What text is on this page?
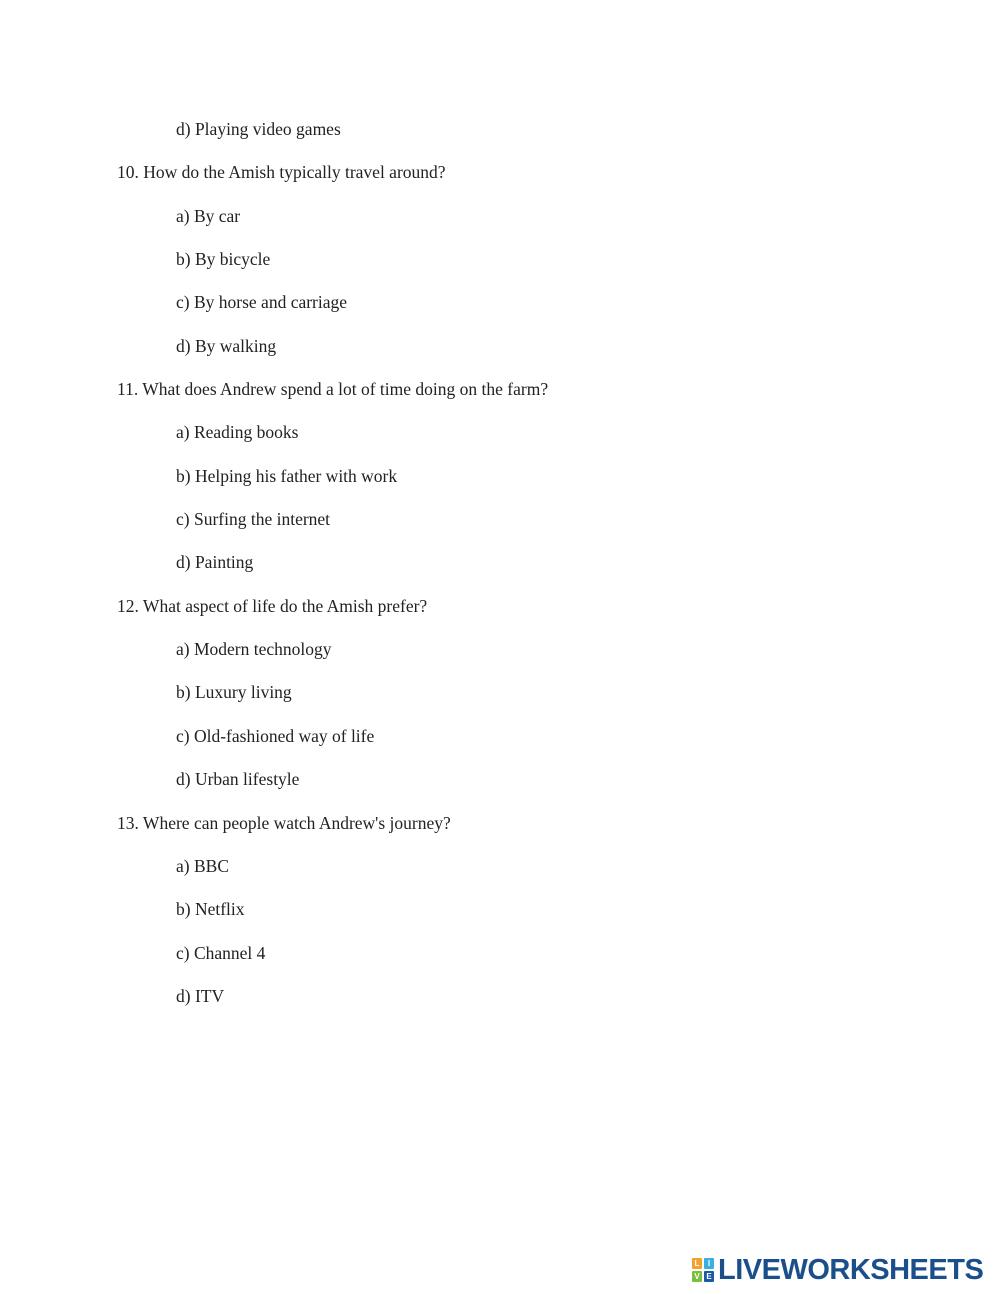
d) Playing video games
10. How do the Amish typically travel around?
a) By car
b) By bicycle
c) By horse and carriage
d) By walking
11. What does Andrew spend a lot of time doing on the farm?
a) Reading books
b) Helping his father with work
c) Surfing the internet
d) Painting
12. What aspect of life do the Amish prefer?
a) Modern technology
b) Luxury living
c) Old-fashioned way of life
d) Urban lifestyle
13. Where can people watch Andrew's journey?
a) BBC
b) Netflix
c) Channel 4
d) ITV
L	I
V E LIVEWORKSHEETS
